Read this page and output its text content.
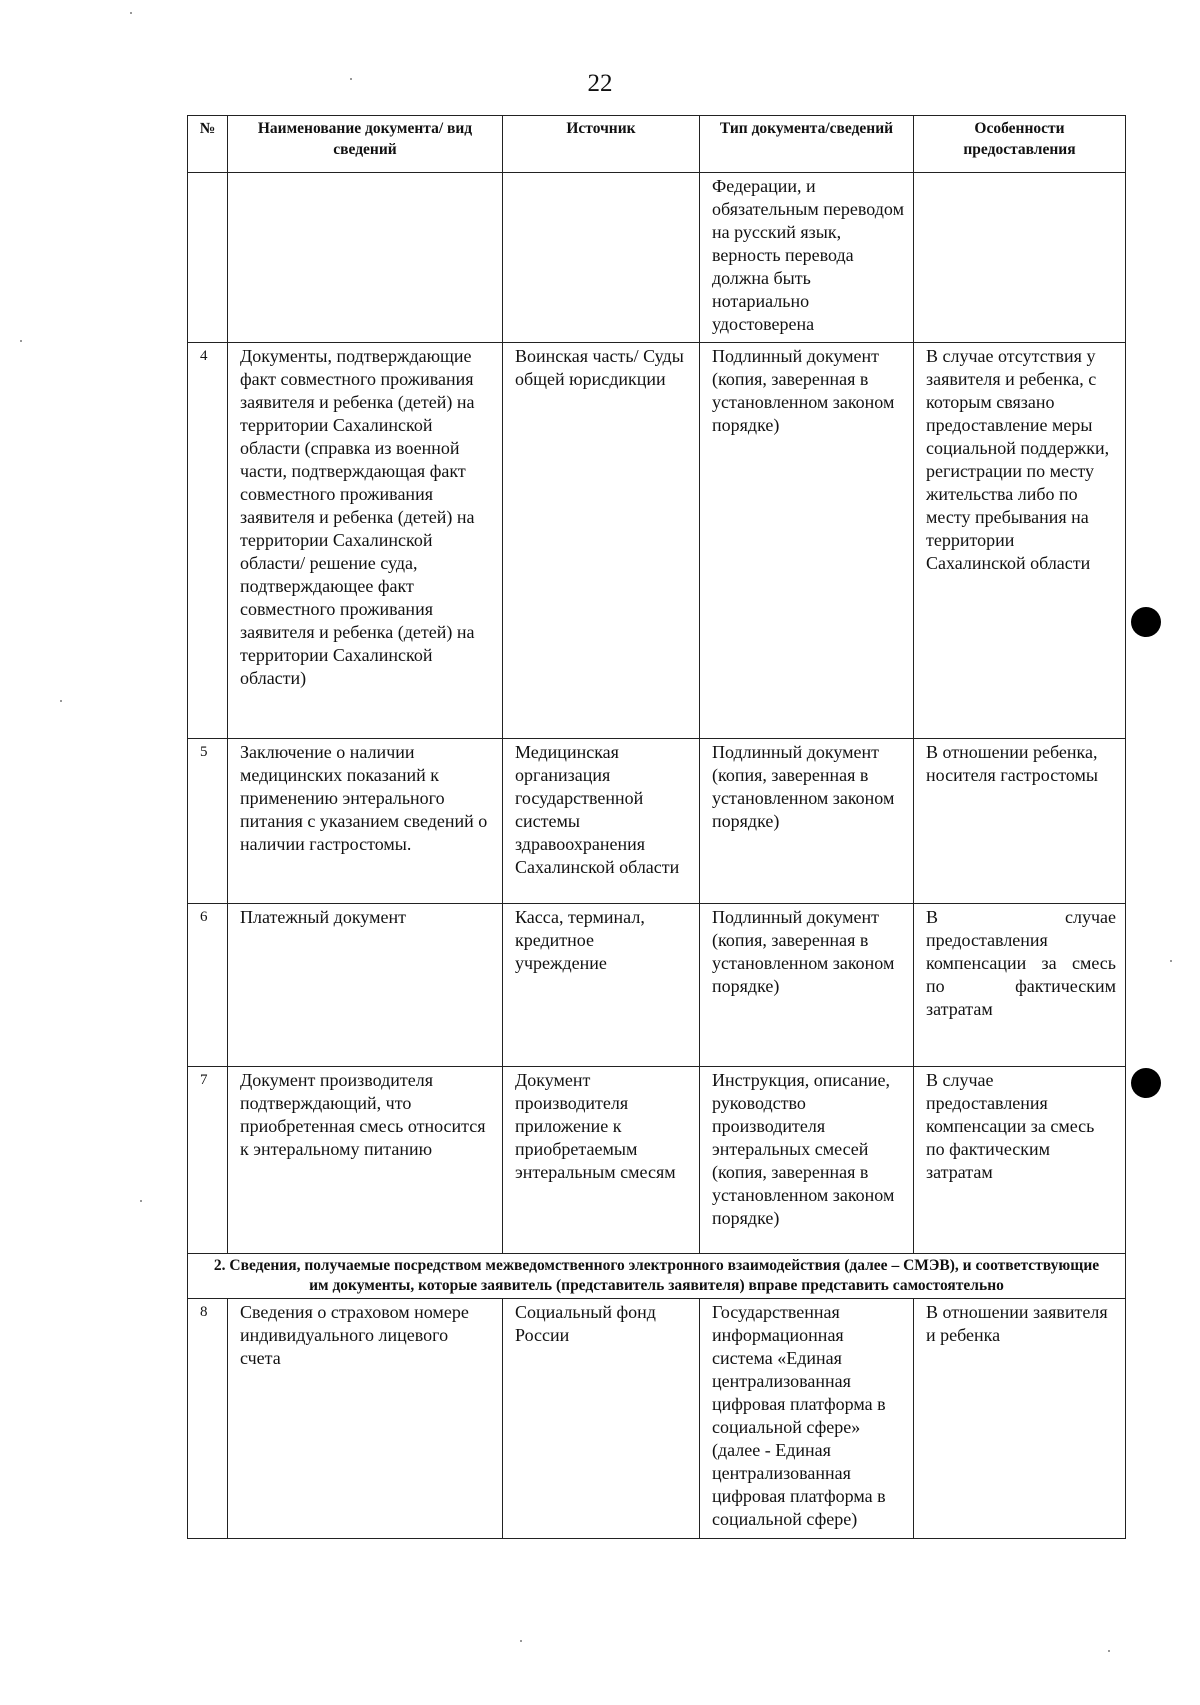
22
№	Наименование документа/ вид сведений	Источник	Тип документа/сведений	Особенности предоставления
			Федерации, и обязательным переводом на русский язык, верность перевода должна быть нотариально удостоверена	
4	Документы, подтверждающие факт совместного проживания заявителя и ребенка (детей) на территории Сахалинской области (справка из военной части, подтверждающая факт совместного проживания заявителя и ребенка (детей) на территории Сахалинской области/ решение суда, подтверждающее факт совместного проживания заявителя и ребенка (детей) на территории Сахалинской области)	Воинская часть/ Суды общей юрисдикции	Подлинный документ (копия, заверенная в установленном законом порядке)	В случае отсутствия у заявителя и ребенка, с которым связано предоставление меры социальной поддержки, регистрации по месту жительства либо по месту пребывания на территории Сахалинской области
5	Заключение о наличии медицинских показаний к применению энтерального питания с указанием сведений о наличии гастростомы.	Медицинская организация государственной системы здравоохранения Сахалинской области	Подлинный документ (копия, заверенная в установленном законом порядке)	В отношении ребенка, носителя гастростомы
6	Платежный документ	Касса, терминал, кредитное учреждение	Подлинный документ (копия, заверенная в установленном законом порядке)	В случае предоставления компенсации за смесь по фактическим затратам
7	Документ производителя подтверждающий, что приобретенная смесь относится к энтеральному питанию	Документ производителя приложение к приобретаемым энтеральным смесям	Инструкция, описание, руководство производителя энтеральных смесей (копия, заверенная в установленном законом порядке)	В случае предоставления компенсации за смесь по фактическим затратам
2. Сведения, получаемые посредством межведомственного электронного взаимодействия (далее – СМЭВ), и соответствующие им документы, которые заявитель (представитель заявителя) вправе представить самостоятельно				
8	Сведения о страховом номере индивидуального лицевого счета	Социальный фонд России	Государственная информационная система «Единая централизованная цифровая платформа в социальной сфере» (далее - Единая централизованная цифровая платформа в социальной сфере)	В отношении заявителя и ребенка
